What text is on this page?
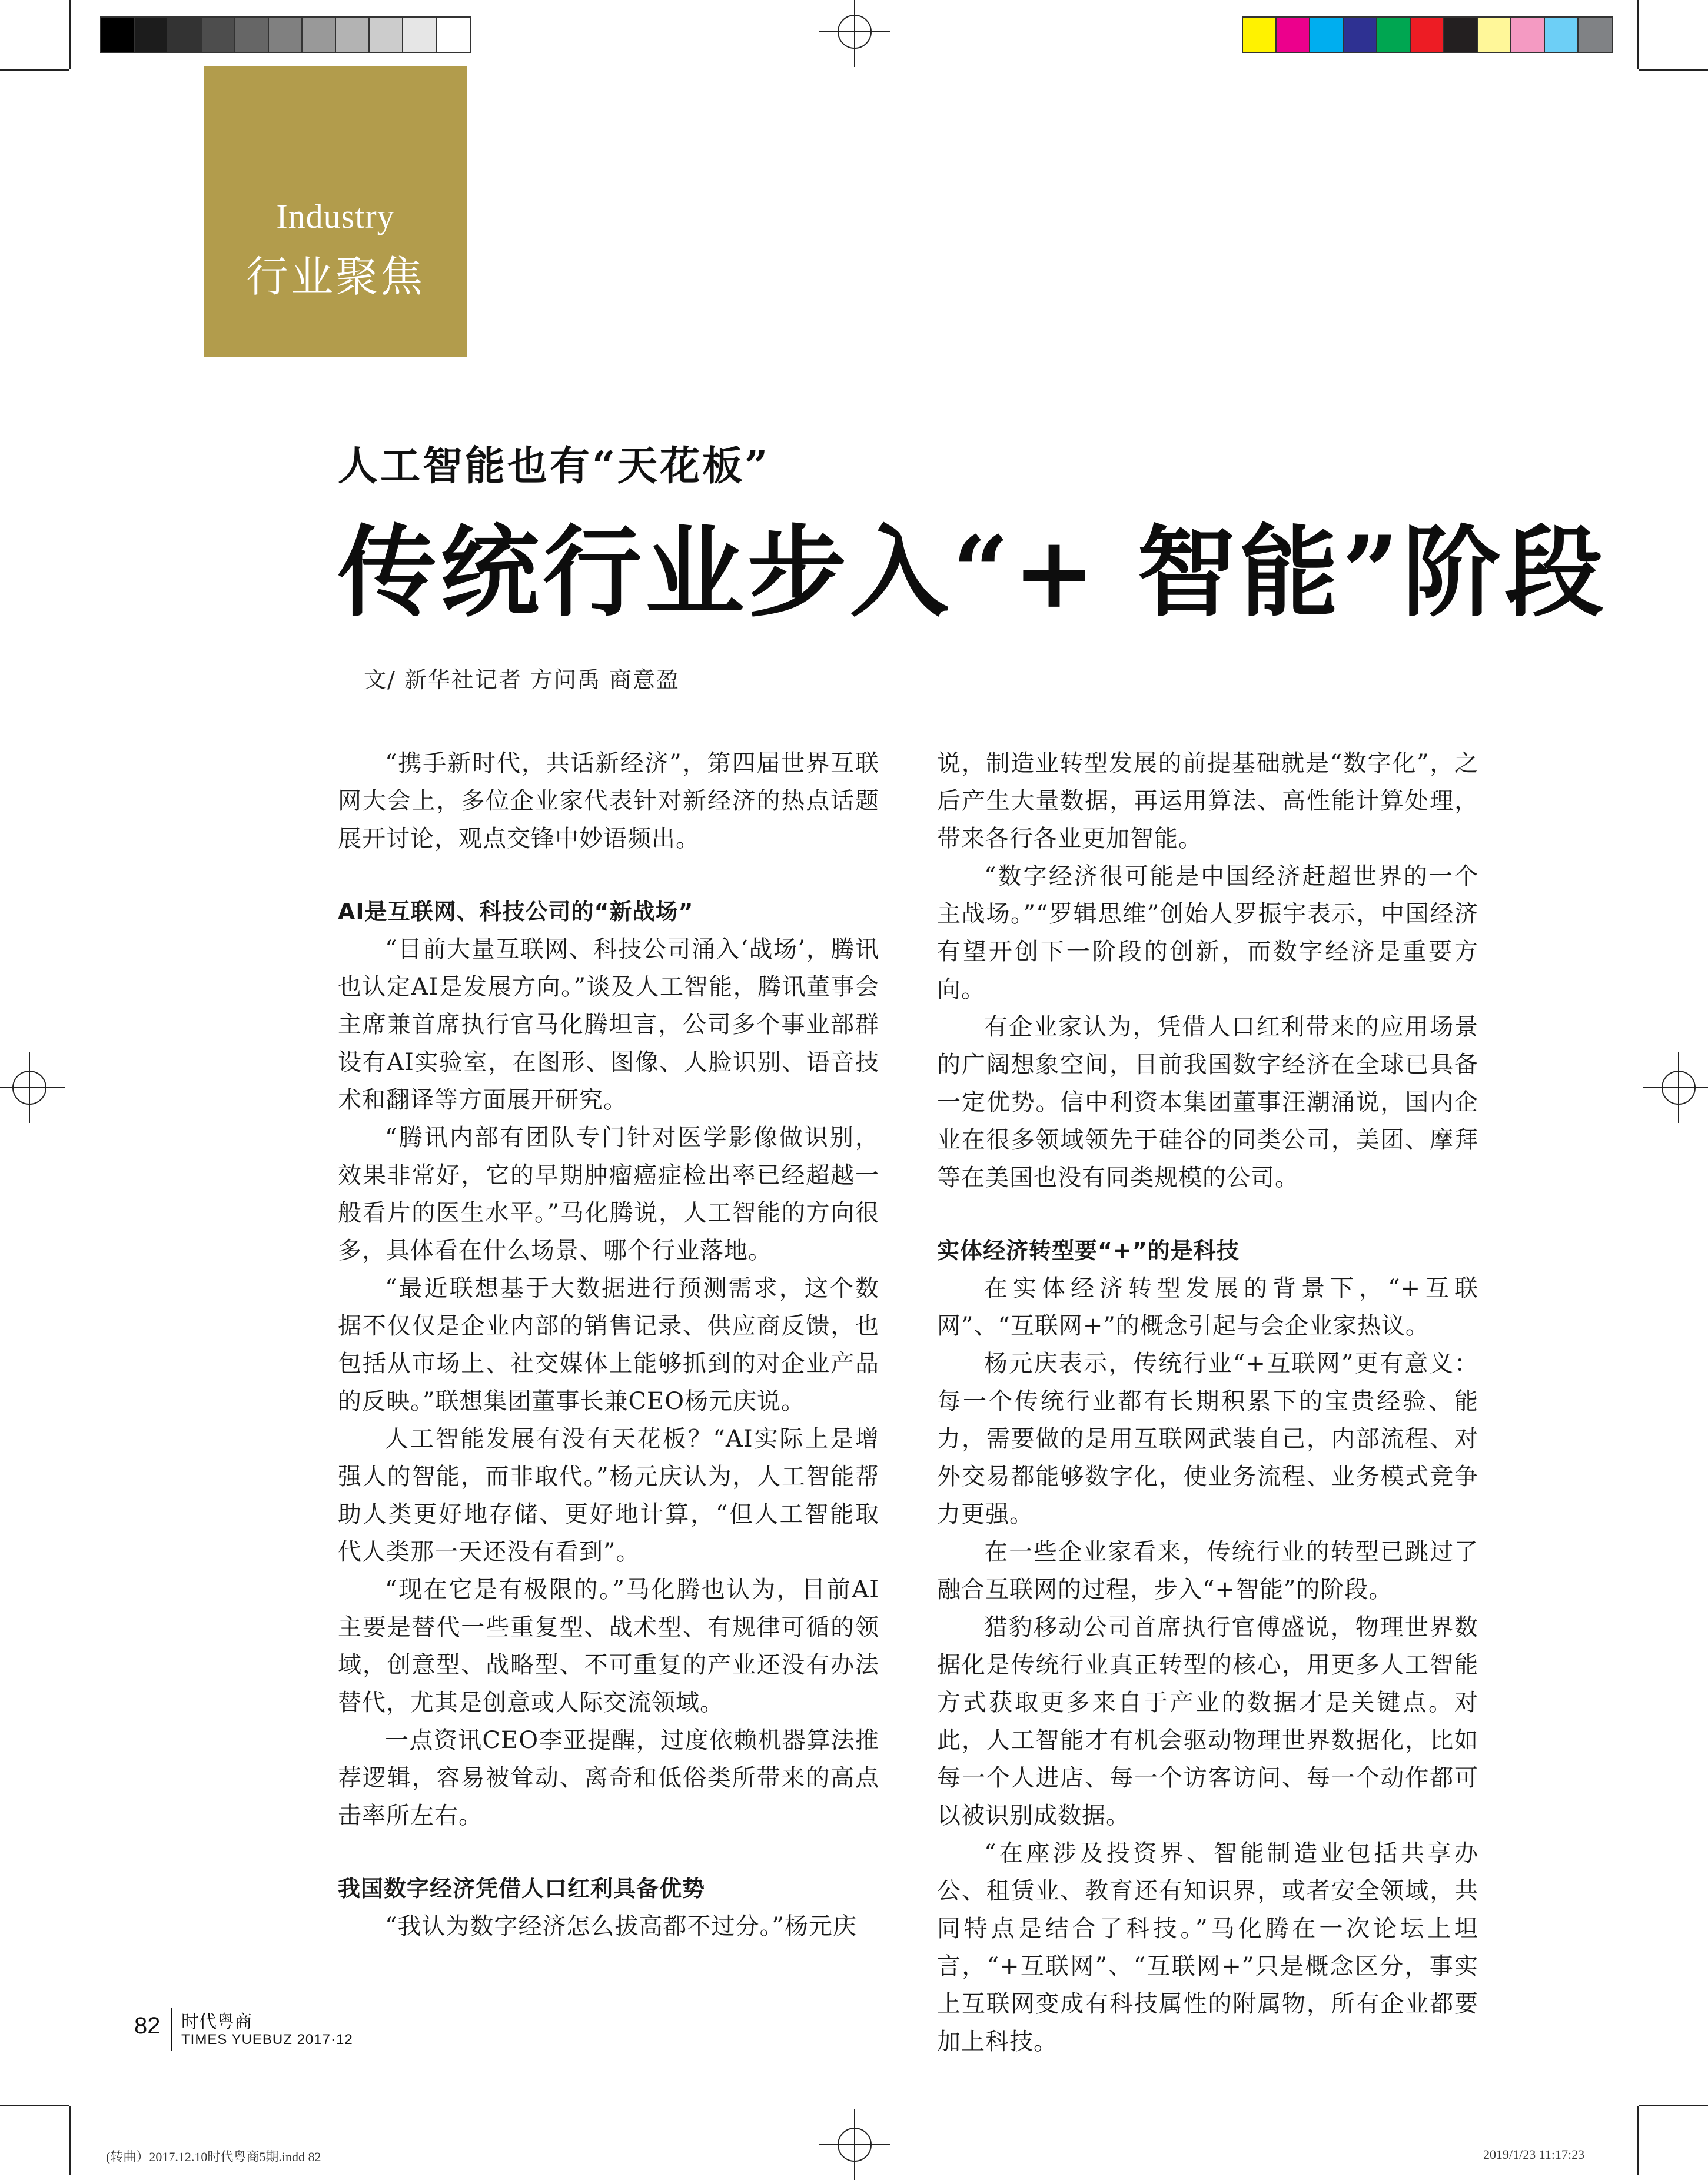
Industry
行业聚焦
人工智能也有“天花板”
传统行业步入“+ 智能”阶段
文/ 新华社记者 方问禹 商意盈

“携手新时代，共话新经济”，第四届世界互联网大会上，多位企业家代表针对新经济的热点话题展开讨论，观点交锋中妙语频出。

AI是互联网、科技公司的“新战场”

“目前大量互联网、科技公司涌入‘战场’，腾讯也认定AI是发展方向。”谈及人工智能，腾讯董事会主席兼首席执行官马化腾坦言，公司多个事业部群设有AI实验室，在图形、图像、人脸识别、语音技术和翻译等方面展开研究。

“腾讯内部有团队专门针对医学影像做识别，效果非常好，它的早期肿瘤癌症检出率已经超越一般看片的医生水平。”马化腾说，人工智能的方向很多，具体看在什么场景、哪个行业落地。

“最近联想基于大数据进行预测需求，这个数据不仅仅是企业内部的销售记录、供应商反馈，也包括从市场上、社交媒体上能够抓到的对企业产品的反映。”联想集团董事长兼CEO杨元庆说。

人工智能发展有没有天花板？“AI实际上是增强人的智能，而非取代。”杨元庆认为，人工智能帮助人类更好地存储、更好地计算，“但人工智能取代人类那一天还没有看到”。

“现在它是有极限的。”马化腾也认为，目前AI主要是替代一些重复型、战术型、有规律可循的领域，创意型、战略型、不可重复的产业还没有办法替代，尤其是创意或人际交流领域。

一点资讯CEO李亚提醒，过度依赖机器算法推荐逻辑，容易被耸动、离奇和低俗类所带来的高点击率所左右。

我国数字经济凭借人口红利具备优势

“我认为数字经济怎么拔高都不过分。”杨元庆

说，制造业转型发展的前提基础就是“数字化”，之后产生大量数据，再运用算法、高性能计算处理，带来各行各业更加智能。

“数字经济很可能是中国经济赶超世界的一个主战场。”“罗辑思维”创始人罗振宇表示，中国经济有望开创下一阶段的创新，而数字经济是重要方向。

有企业家认为，凭借人口红利带来的应用场景的广阔想象空间，目前我国数字经济在全球已具备一定优势。信中利资本集团董事汪潮涌说，国内企业在很多领域领先于硅谷的同类公司，美团、摩拜等在美国也没有同类规模的公司。

实体经济转型要“+”的是科技

在实体经济转型发展的背景下，“+互联网”、“互联网+”的概念引起与会企业家热议。

杨元庆表示，传统行业“+互联网”更有意义：每一个传统行业都有长期积累下的宝贵经验、能力，需要做的是用互联网武装自己，内部流程、对外交易都能够数字化，使业务流程、业务模式竞争力更强。

在一些企业家看来，传统行业的转型已跳过了融合互联网的过程，步入“+智能”的阶段。

猎豹移动公司首席执行官傅盛说，物理世界数据化是传统行业真正转型的核心，用更多人工智能方式获取更多来自于产业的数据才是关键点。对此，人工智能才有机会驱动物理世界数据化，比如每一个人进店、每一个访客访问、每一个动作都可以被识别成数据。

“在座涉及投资界、智能制造业包括共享办公、租赁业、教育还有知识界，或者安全领域，共同特点是结合了科技。”马化腾在一次论坛上坦言，“+互联网”、“互联网+”只是概念区分，事实上互联网变成有科技属性的附属物，所有企业都要加上科技。

82 时代粤商
TIMES YUEBUZ 2017·12
(转曲）2017.12.10时代粤商5期.indd 82	2019/1/23 11:17:23
